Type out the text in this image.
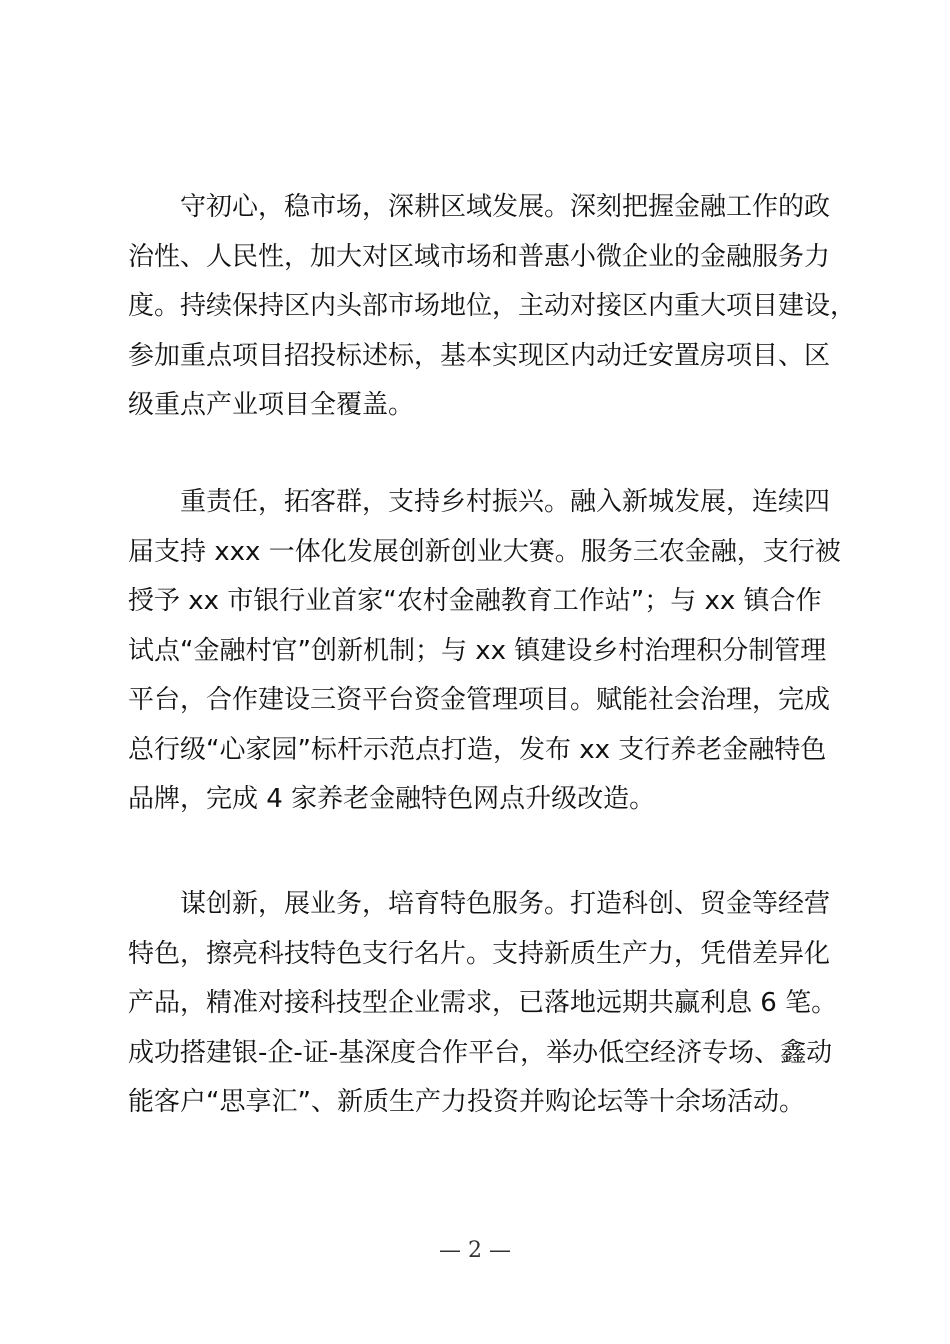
守初心，稳市场，深耕区域发展。深刻把握金融工作的政
治性、人民性，加大对区域市场和普惠小微企业的金融服务力
度。持续保持区内头部市场地位，主动对接区内重大项目建设，
参加重点项目招投标述标，基本实现区内动迁安置房项目、区
级重点产业项目全覆盖。
重责任，拓客群，支持乡村振兴。融入新城发展，连续四
届支持 xxx 一体化发展创新创业大赛。服务三农金融，支行被
授予 xx 市银行业首家“农村金融教育工作站”；与 xx 镇合作
试点“金融村官”创新机制；与 xx 镇建设乡村治理积分制管理
平台，合作建设三资平台资金管理项目。赋能社会治理，完成
总行级“心家园”标杆示范点打造，发布 xx 支行养老金融特色
品牌，完成 4 家养老金融特色网点升级改造。
谋创新，展业务，培育特色服务。打造科创、贸金等经营
特色，擦亮科技特色支行名片。支持新质生产力，凭借差异化
产品，精准对接科技型企业需求，已落地远期共赢利息 6 笔。
成功搭建银-企-证-基深度合作平台，举办低空经济专场、鑫动
能客户“思享汇”、新质生产力投资并购论坛等十余场活动。
— 2 —
